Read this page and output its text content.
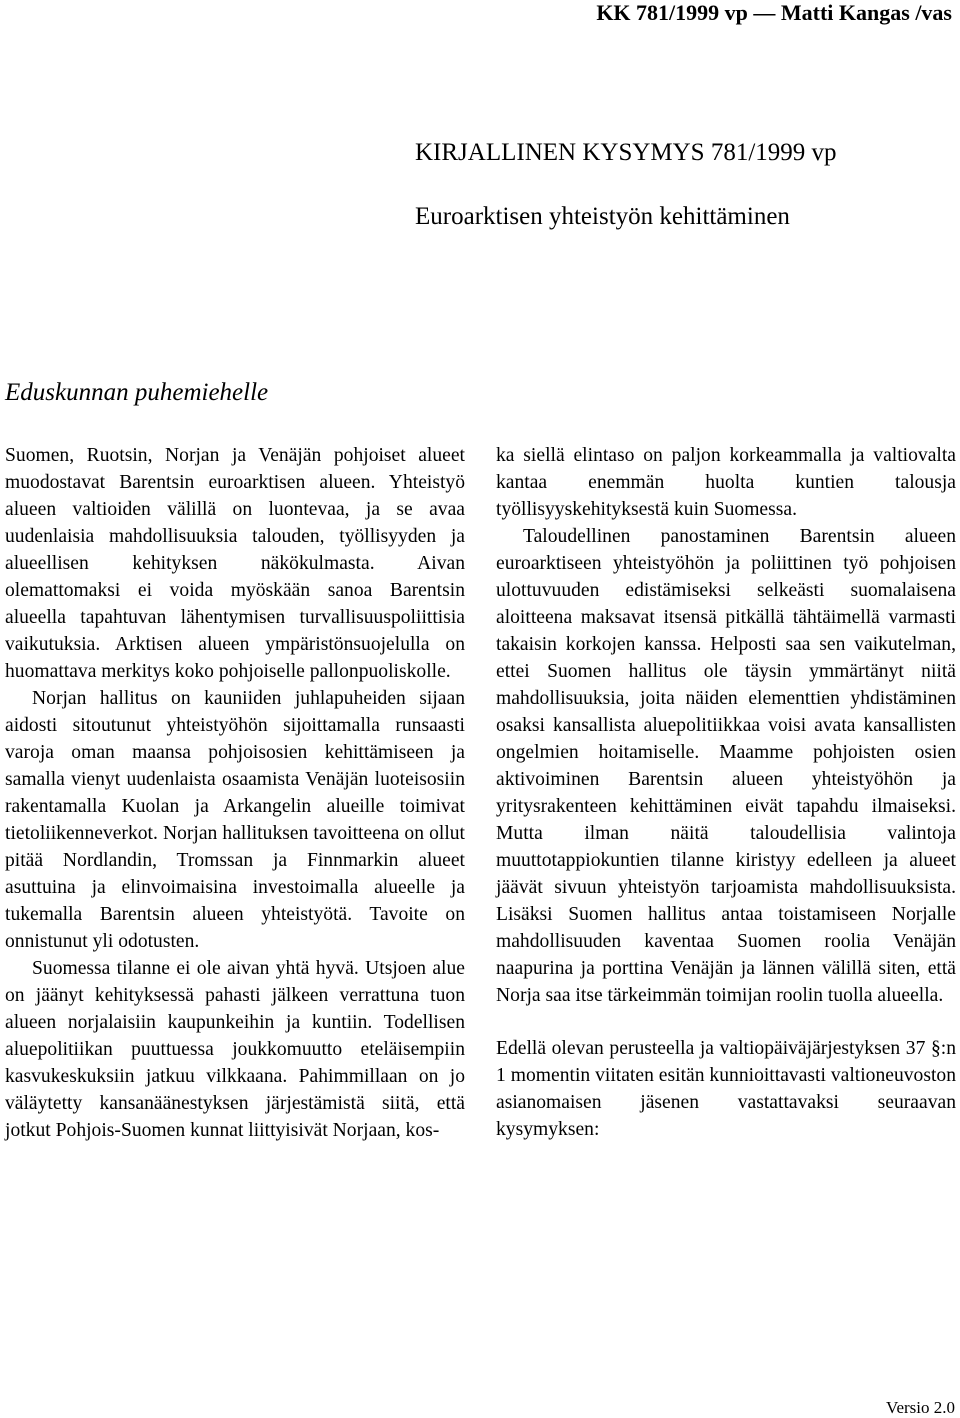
KK 781/1999 vp — Matti Kangas /vas
KIRJALLINEN KYSYMYS 781/1999 vp
Euroarktisen yhteistyön kehittäminen
Eduskunnan puhemiehelle

Suomen, Ruotsin, Norjan ja Venäjän pohjoiset alueet muodostavat Barentsin euroarktisen alueen. Yhteistyö alueen valtioiden välillä on luontevaa, ja se avaa uudenlaisia mahdollisuuksia talouden, työllisyyden ja alueellisen kehityksen näkökulmasta. Aivan olemattomaksi ei voida myöskään sanoa Barentsin alueella tapahtuvan lähentymisen turvallisuuspoliittisia vaikutuksia. Arktisen alueen ympäristönsuojelulla on huomattava merkitys koko pohjoiselle pallonpuoliskolle.

Norjan hallitus on kauniiden juhlapuheiden sijaan aidosti sitoutunut yhteistyöhön sijoittamalla runsaasti varoja oman maansa pohjoisosien kehittämiseen ja samalla vienyt uudenlaista osaamista Venäjän luoteisosiin rakentamalla Kuolan ja Arkangelin alueille toimivat tietoliikenneverkot. Norjan hallituksen tavoitteena on ollut pitää Nordlandin, Tromssan ja Finnmarkin alueet asuttuina ja elinvoimaisina investoimalla alueelle ja tukemalla Barentsin alueen yhteistyötä. Tavoite on onnistunut yli odotusten.

Suomessa tilanne ei ole aivan yhtä hyvä. Utsjoen alue on jäänyt kehityksessä pahasti jälkeen verrattuna tuon alueen norjalaisiin kaupunkeihin ja kuntiin. Todellisen aluepolitiikan puuttuessa joukkomuutto eteläisempiin kasvukeskuksiin jatkuu vilkkaana. Pahimmillaan on jo väläytetty kansanäänestyksen järjestämistä siitä, että jotkut Pohjois-Suomen kunnat liittyisivät Norjaan, kos-

ka siellä elintaso on paljon korkeammalla ja valtiovalta kantaa enemmän huolta kuntien talousja työllisyyskehityksestä kuin Suomessa.

Taloudellinen panostaminen Barentsin alueen euroarktiseen yhteistyöhön ja poliittinen työ pohjoisen ulottuvuuden edistämiseksi selkeästi suomalaisena aloitteena maksavat itsensä pitkällä tähtäimellä varmasti takaisin korkojen kanssa. Helposti saa sen vaikutelman, ettei Suomen hallitus ole täysin ymmärtänyt niitä mahdollisuuksia, joita näiden elementtien yhdistäminen osaksi kansallista aluepolitiikkaa voisi avata kansallisten ongelmien hoitamiselle. Maamme pohjoisten osien aktivoiminen Barentsin alueen yhteistyöhön ja yritysrakenteen kehittäminen eivät tapahdu ilmaiseksi. Mutta ilman näitä taloudellisia valintoja muuttotappiokuntien tilanne kiristyy edelleen ja alueet jäävät sivuun yhteistyön tarjoamista mahdollisuuksista. Lisäksi Suomen hallitus antaa toistamiseen Norjalle mahdollisuuden kaventaa Suomen roolia Venäjän naapurina ja porttina Venäjän ja lännen välillä siten, että Norja saa itse tärkeimmän toimijan roolin tuolla alueella.

Edellä olevan perusteella ja valtiopäiväjärjestyksen 37 §:n 1 momentin viitaten esitän kunnioittavasti valtioneuvoston asianomaisen jäsenen vastattavaksi seuraavan kysymyksen:

Versio 2.0
